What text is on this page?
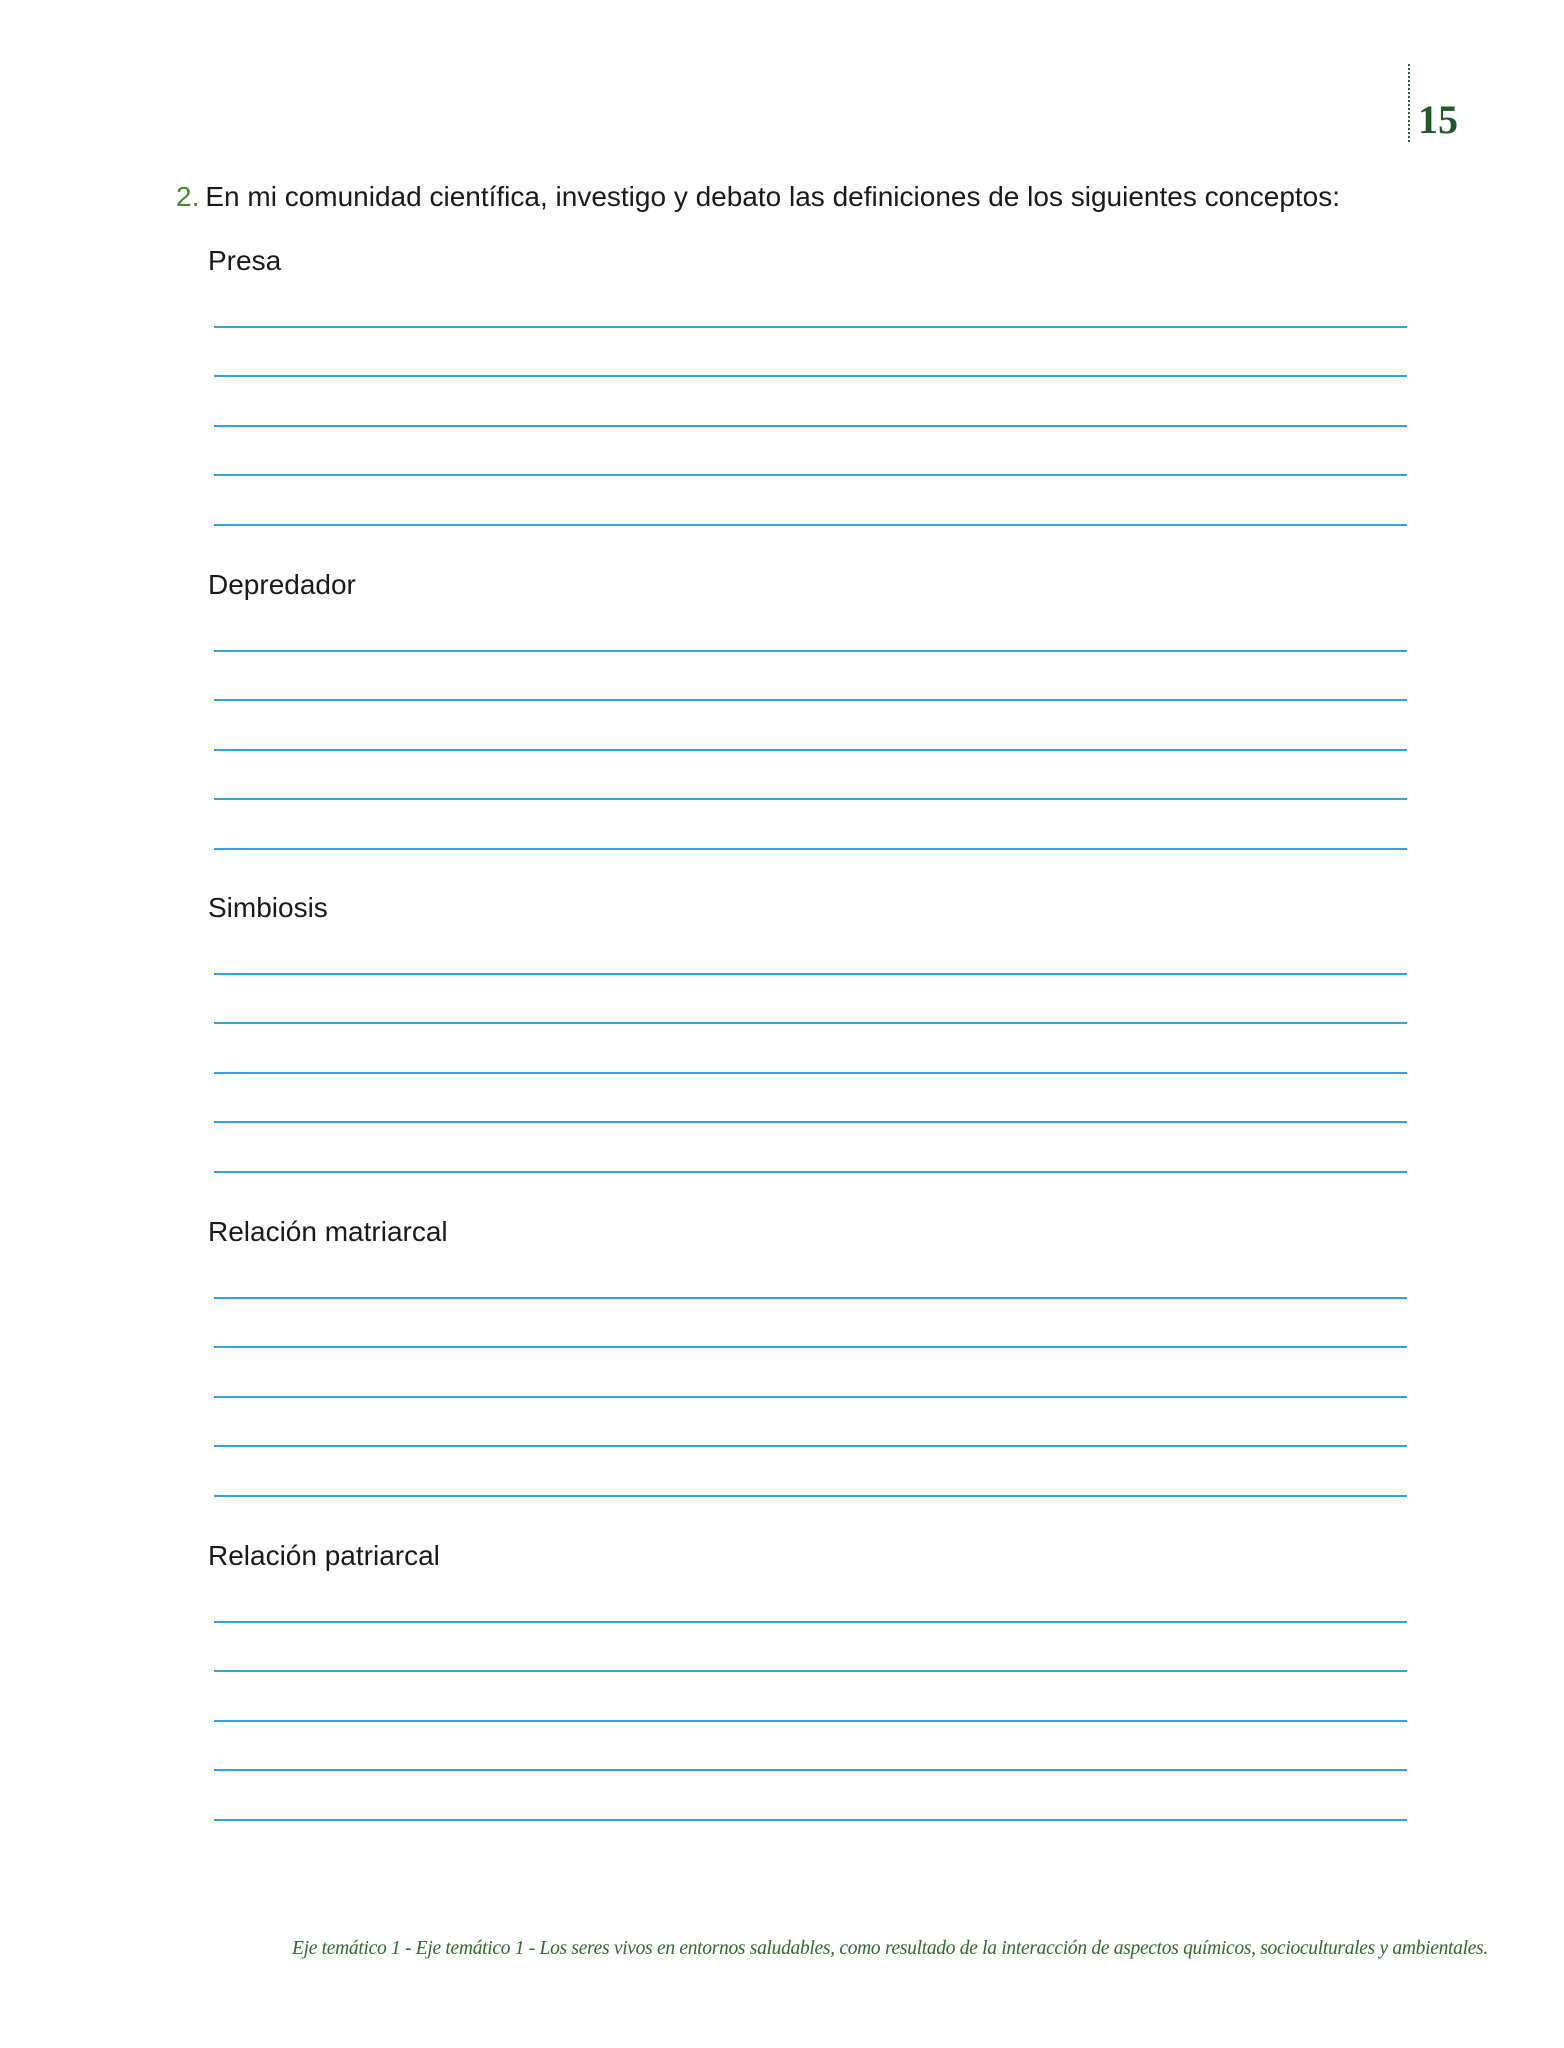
15
2. En mi comunidad científica, investigo y debato las definiciones de los siguientes conceptos:
Presa
Depredador
Simbiosis
Relación matriarcal
Relación patriarcal
Eje temático 1 - Eje temático 1 - Los seres vivos en entornos saludables, como resultado de la interacción de aspectos químicos, socioculturales y ambientales.
